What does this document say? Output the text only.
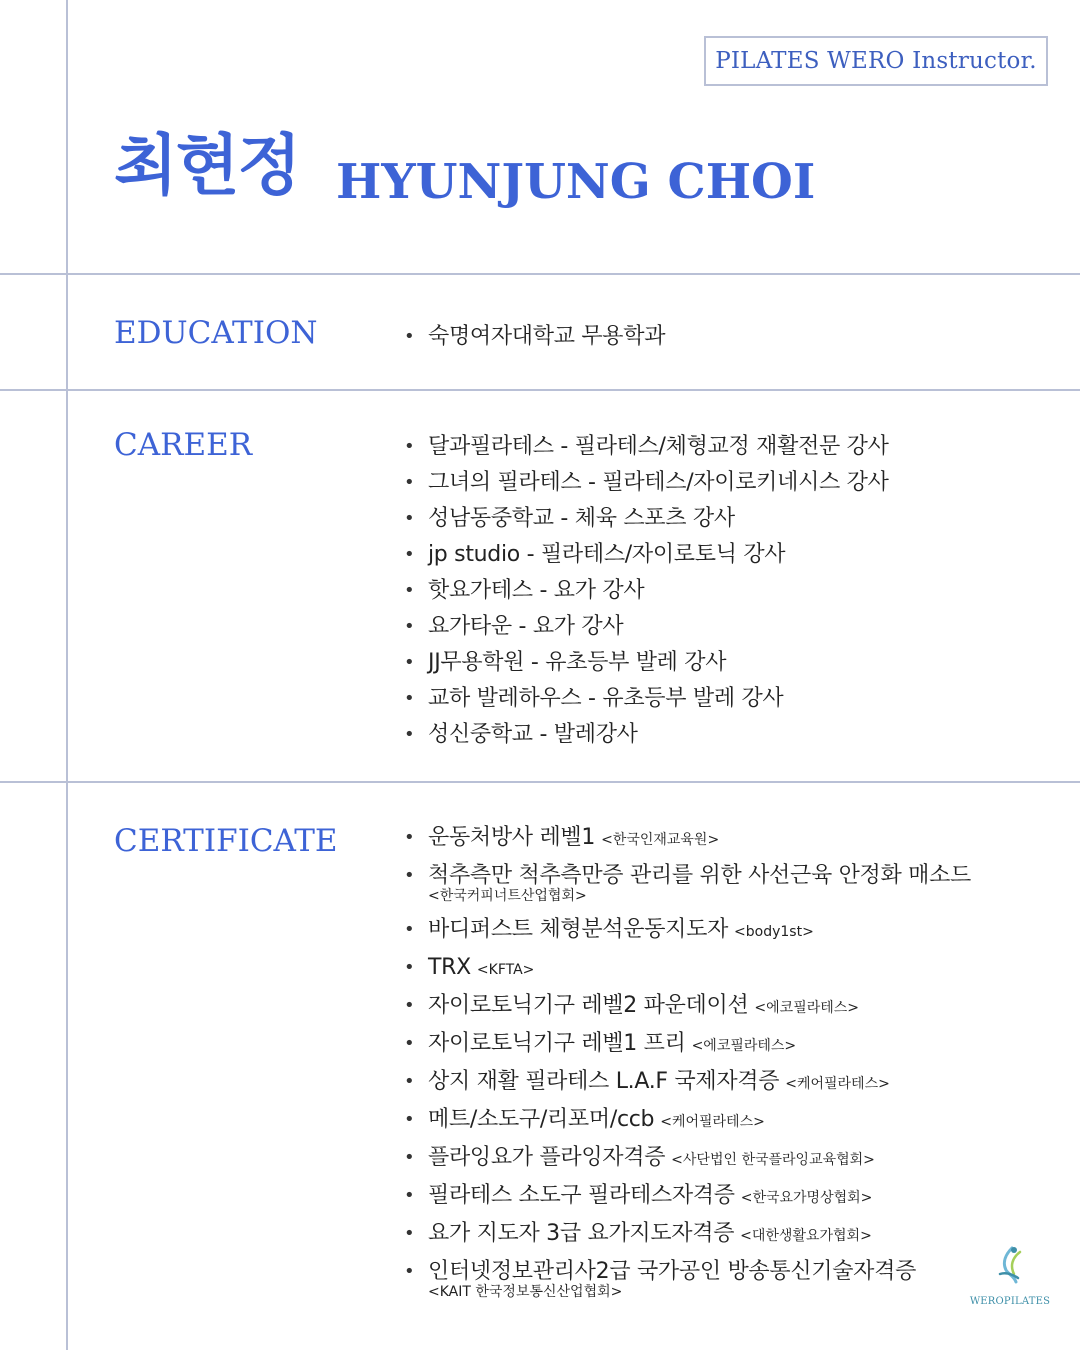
PILATES WERO Instructor.
최현정 HYUNJUNG CHOI
EDUCATION	• 숙명여자대학교 무용학과
CAREER	• 달과필라테스 - 필라테스/체형교정 재활전문 강사
• 그녀의 필라테스 - 필라테스/자이로키네시스 강사
• 성남동중학교 - 체육 스포츠 강사
• jp studio - 필라테스/자이로토닉 강사
• 핫요가테스 - 요가 강사
• 요가타운 - 요가 강사
• JJ무용학원 - 유초등부 발레 강사
• 교하 발레하우스 - 유초등부 발레 강사
• 성신중학교 - 발레강사
CERTIFICATE	• 운동처방사 레벨1 <한국인재교육원>
• 척추측만 척추측만증 관리를 위한 사선근육 안정화 매소드
<한국커피너트산업협회>
• 바디퍼스트 체형분석운동지도자 <body1st>
• TRX <KFTA>
• 자이로토닉기구 레벨2 파운데이션 <에코필라테스>
• 자이로토닉기구 레벨1 프리 <에코필라테스>
• 상지 재활 필라테스 L.A.F 국제자격증 <케어필라테스>
• 메트/소도구/리포머/ccb <케어필라테스>
• 플라잉요가 플라잉자격증 <사단법인 한국플라잉교육협회>
• 필라테스 소도구 필라테스자격증 <한국요가명상협회>
• 요가 지도자 3급 요가지도자격증 <대한생활요가협회>
• 인터넷정보관리사2급 국가공인 방송통신기술자격증
<KAIT 한국정보통신산업협회>
WEROPILATES
